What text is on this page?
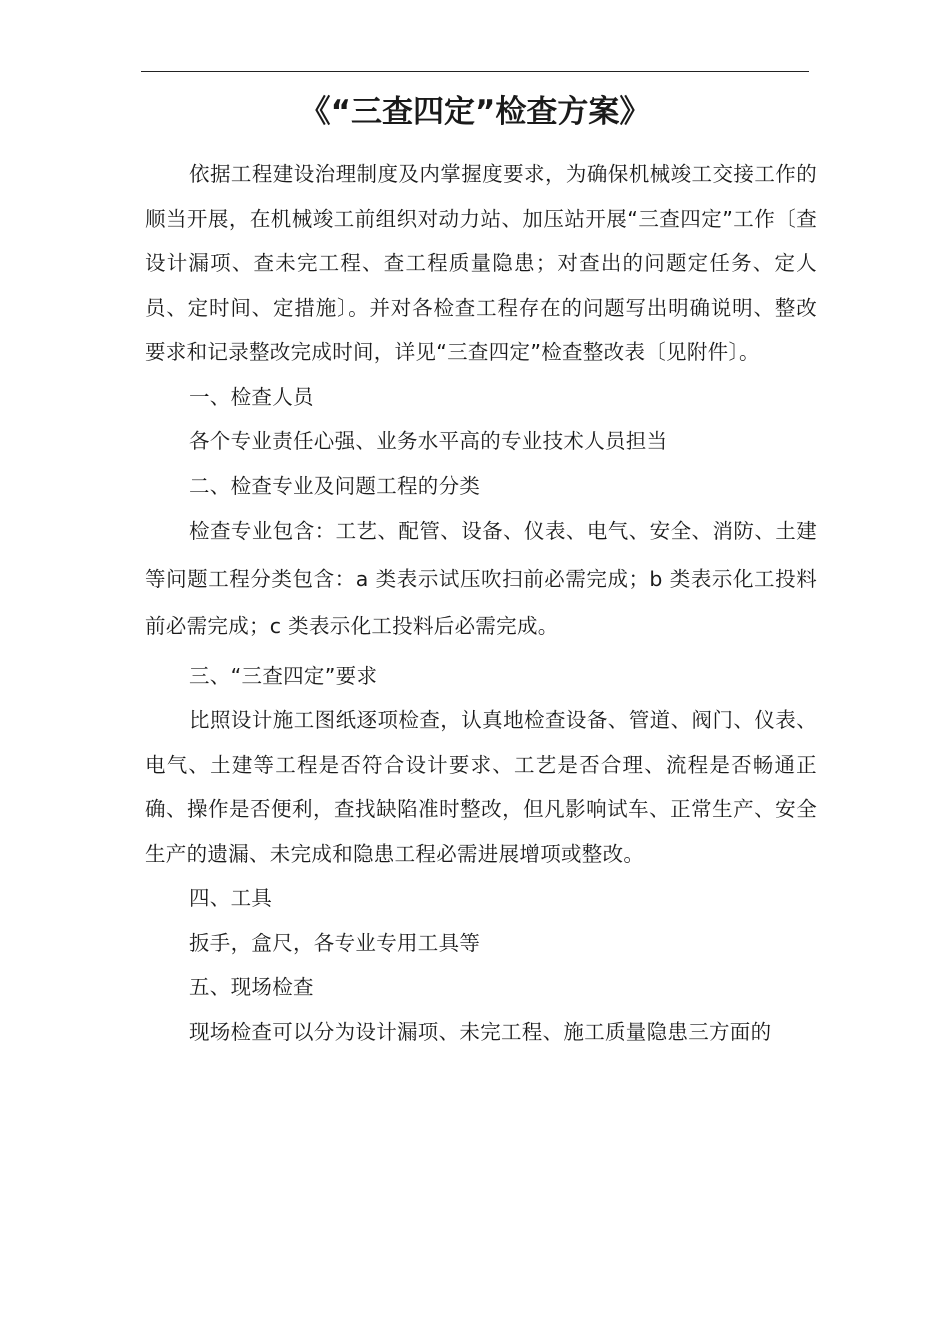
《“三查四定”检查方案》

依据工程建设治理制度及内掌握度要求，为确保机械竣工交接工作的顺当开展，在机械竣工前组织对动力站、加压站开展“三查四定”工作〔查设计漏项、查未完工程、查工程质量隐患；对查出的问题定任务、定人员、定时间、定措施〕。并对各检查工程存在的问题写出明确说明、整改要求和记录整改完成时间，详见“三查四定”检查整改表〔见附件〕。

一、检查人员

各个专业责任心强、业务水平高的专业技术人员担当

二、检查专业及问题工程的分类

检查专业包含：工艺、配管、设备、仪表、电气、安全、消防、土建等问题工程分类包含：a 类表示试压吹扫前必需完成；b 类表示化工投料前必需完成；c 类表示化工投料后必需完成。

三、“三查四定”要求

比照设计施工图纸逐项检查，认真地检查设备、管道、阀门、仪表、电气、土建等工程是否符合设计要求、工艺是否合理、流程是否畅通正确、操作是否便利，查找缺陷准时整改，但凡影响试车、正常生产、安全生产的遗漏、未完成和隐患工程必需进展增项或整改。

四、工具

扳手，盒尺，各专业专用工具等

五、现场检查

现场检查可以分为设计漏项、未完工程、施工质量隐患三方面的
